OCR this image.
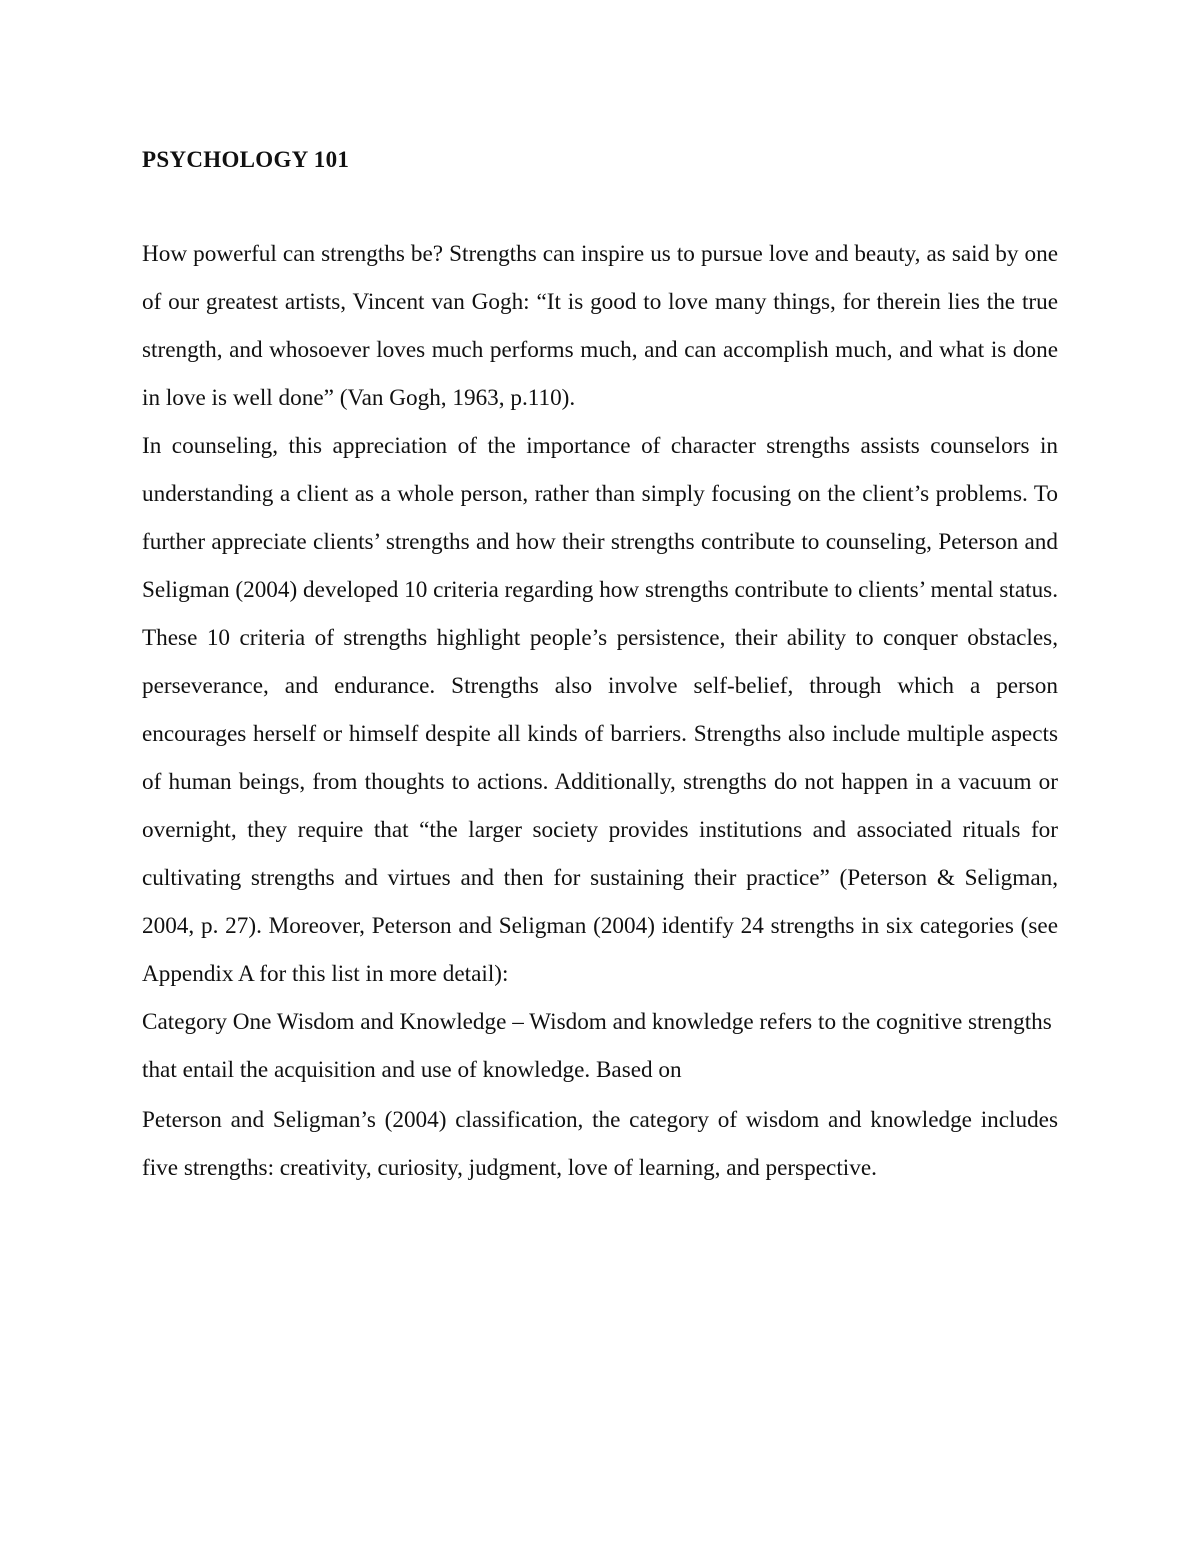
PSYCHOLOGY 101

How powerful can strengths be? Strengths can inspire us to pursue love and beauty, as said by one of our greatest artists, Vincent van Gogh: “It is good to love many things, for therein lies the true strength, and whosoever loves much performs much, and can accomplish much, and what is done in love is well done” (Van Gogh, 1963, p.110).

In counseling, this appreciation of the importance of character strengths assists counselors in understanding a client as a whole person, rather than simply focusing on the client’s problems. To further appreciate clients’ strengths and how their strengths contribute to counseling, Peterson and Seligman (2004) developed 10 criteria regarding how strengths contribute to clients’ mental status. These 10 criteria of strengths highlight people’s persistence, their ability to conquer obstacles, perseverance, and endurance. Strengths also involve self-belief, through which a person encourages herself or himself despite all kinds of barriers. Strengths also include multiple aspects of human beings, from thoughts to actions. Additionally, strengths do not happen in a vacuum or overnight, they require that “the larger society provides institutions and associated rituals for cultivating strengths and virtues and then for sustaining their practice” (Peterson & Seligman, 2004, p. 27). Moreover, Peterson and Seligman (2004) identify 24 strengths in six categories (see Appendix A for this list in more detail):

Category One Wisdom and Knowledge – Wisdom and knowledge refers to the cognitive strengths that entail the acquisition and use of knowledge. Based on

Peterson and Seligman’s (2004) classification, the category of wisdom and knowledge includes five strengths: creativity, curiosity, judgment, love of learning, and perspective.
